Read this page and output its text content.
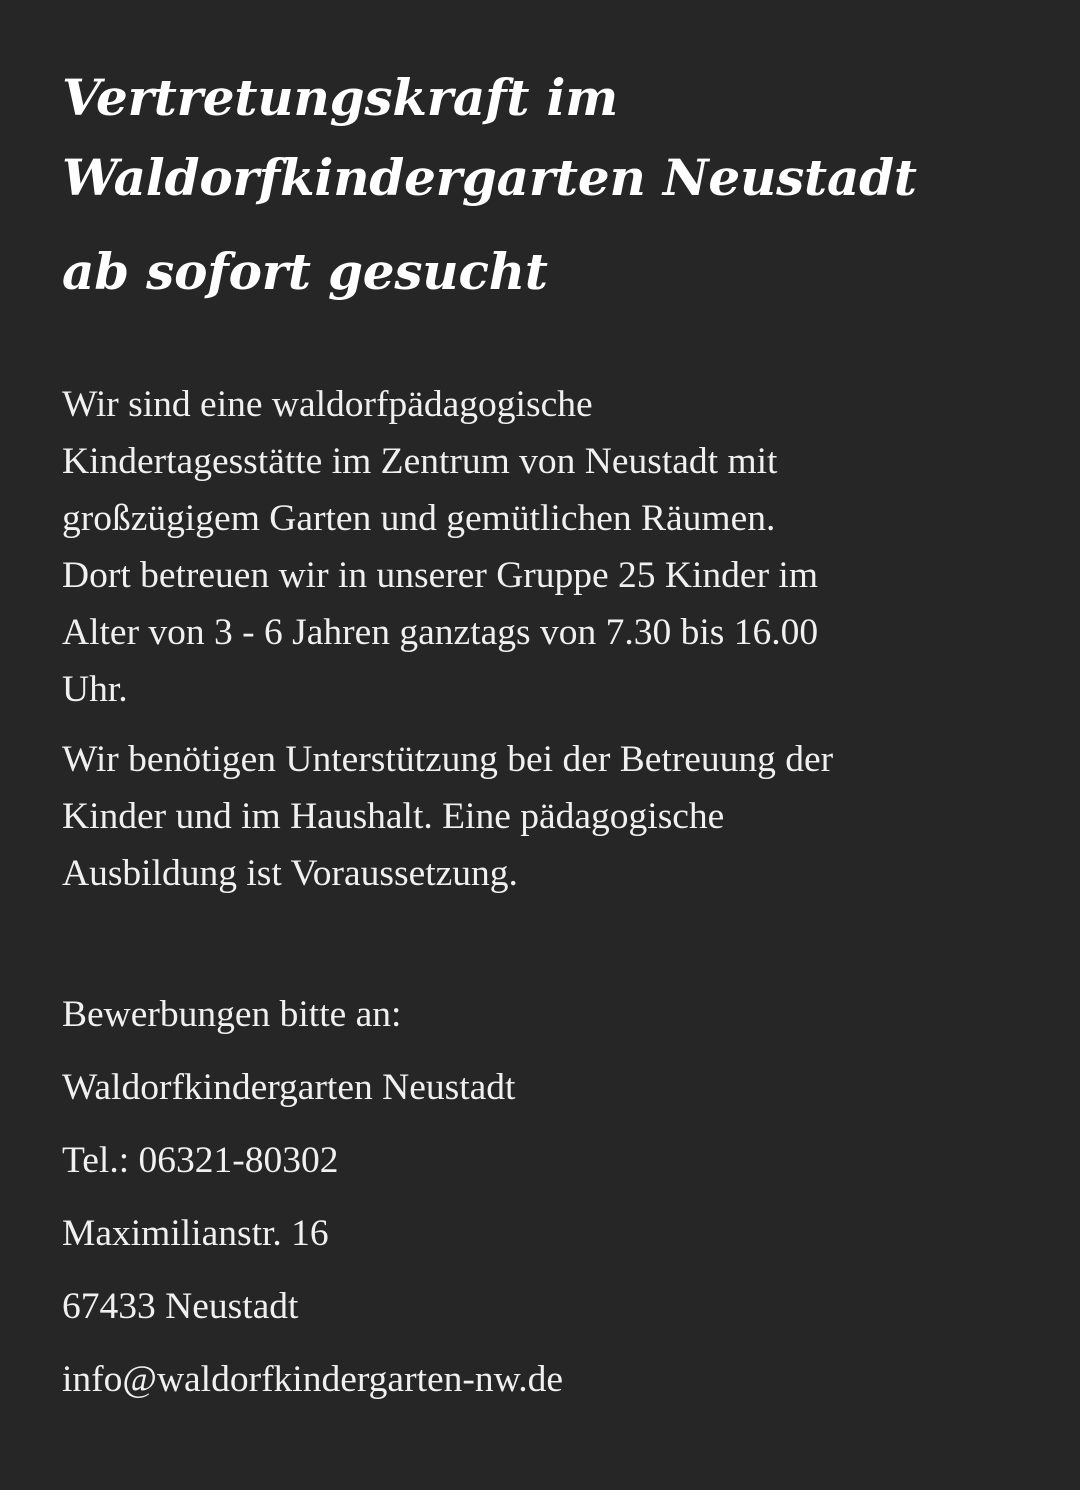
Vertretungskraft im
Waldorfkindergarten Neustadt
ab sofort gesucht

Wir sind eine waldorfpädagogische
Kindertagesstätte im Zentrum von Neustadt mit
großzügigem Garten und gemütlichen Räumen.
Dort betreuen wir in unserer Gruppe 25 Kinder im
Alter von 3 - 6 Jahren ganztags von 7.30 bis 16.00
Uhr.

Wir benötigen Unterstützung bei der Betreuung der
Kinder und im Haushalt. Eine pädagogische
Ausbildung ist Voraussetzung.

Bewerbungen bitte an:
Waldorfkindergarten Neustadt
Tel.: 06321-80302
Maximilianstr. 16
67433 Neustadt
info@waldorfkindergarten-nw.de
